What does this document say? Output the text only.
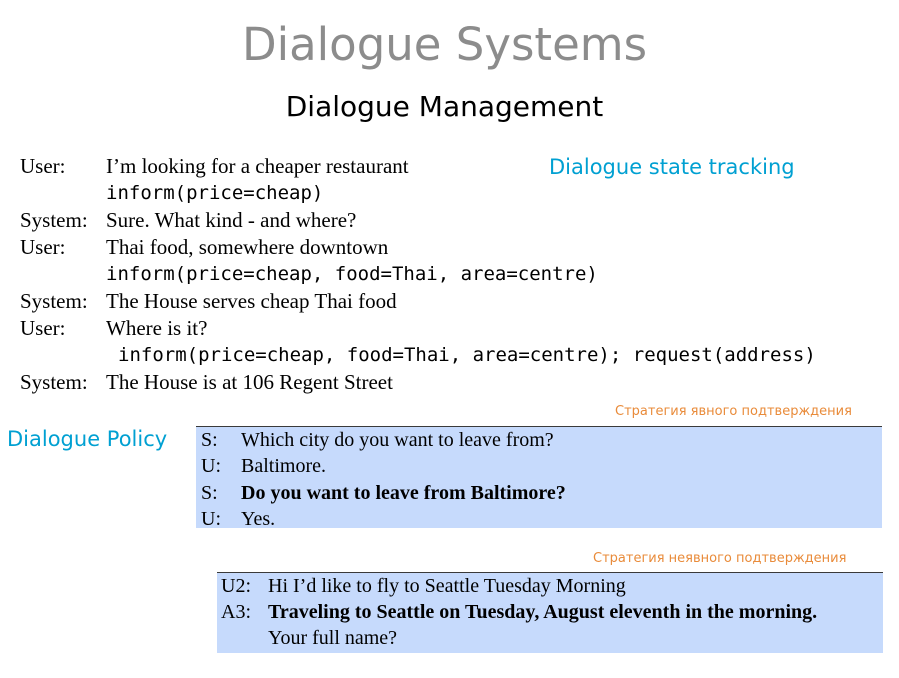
Dialogue Systems
Dialogue Management
Dialogue state tracking
User: I’m looking for a cheaper restaurant
inform(price=cheap)
System: Sure. What kind - and where?
User: Thai food, somewhere downtown
inform(price=cheap, food=Thai, area=centre)
System: The House serves cheap Thai food
User: Where is it?
inform(price=cheap, food=Thai, area=centre); request(address)
System: The House is at 106 Regent Street
Стратегия явного подтверждения
Dialogue Policy S: Which city do you want to leave from?
U: Baltimore.
S: Do you want to leave from Baltimore?
U: Yes.
Стратегия неявного подтверждения
U2: Hi I’d like to fly to Seattle Tuesday Morning
A3: Traveling to Seattle on Tuesday, August eleventh in the morning.
Your full name?
